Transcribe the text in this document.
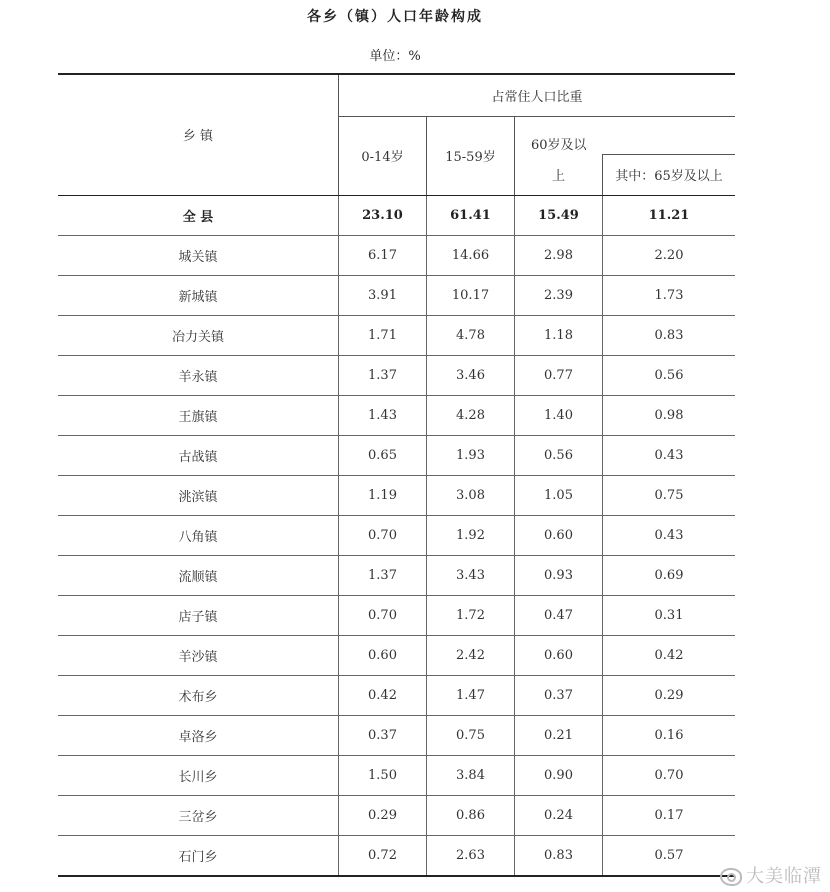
各乡（镇）人口年龄构成
单位：%
乡 镇	占常住人口比重			
	0-14岁	15-59岁	60岁及以	
			上	其中：65岁及以上
全 县	23.10	61.41	15.49	11.21
城关镇	6.17	14.66	2.98	2.20
新城镇	3.91	10.17	2.39	1.73
冶力关镇	1.71	4.78	1.18	0.83
羊永镇	1.37	3.46	0.77	0.56
王旗镇	1.43	4.28	1.40	0.98
古战镇	0.65	1.93	0.56	0.43
洮滨镇	1.19	3.08	1.05	0.75
八角镇	0.70	1.92	0.60	0.43
流顺镇	1.37	3.43	0.93	0.69
店子镇	0.70	1.72	0.47	0.31
羊沙镇	0.60	2.42	0.60	0.42
术布乡	0.42	1.47	0.37	0.29
卓洛乡	0.37	0.75	0.21	0.16
长川乡	1.50	3.84	0.90	0.70
三岔乡	0.29	0.86	0.24	0.17
石门乡	0.72	2.63	0.83	0.57
大美临潭
